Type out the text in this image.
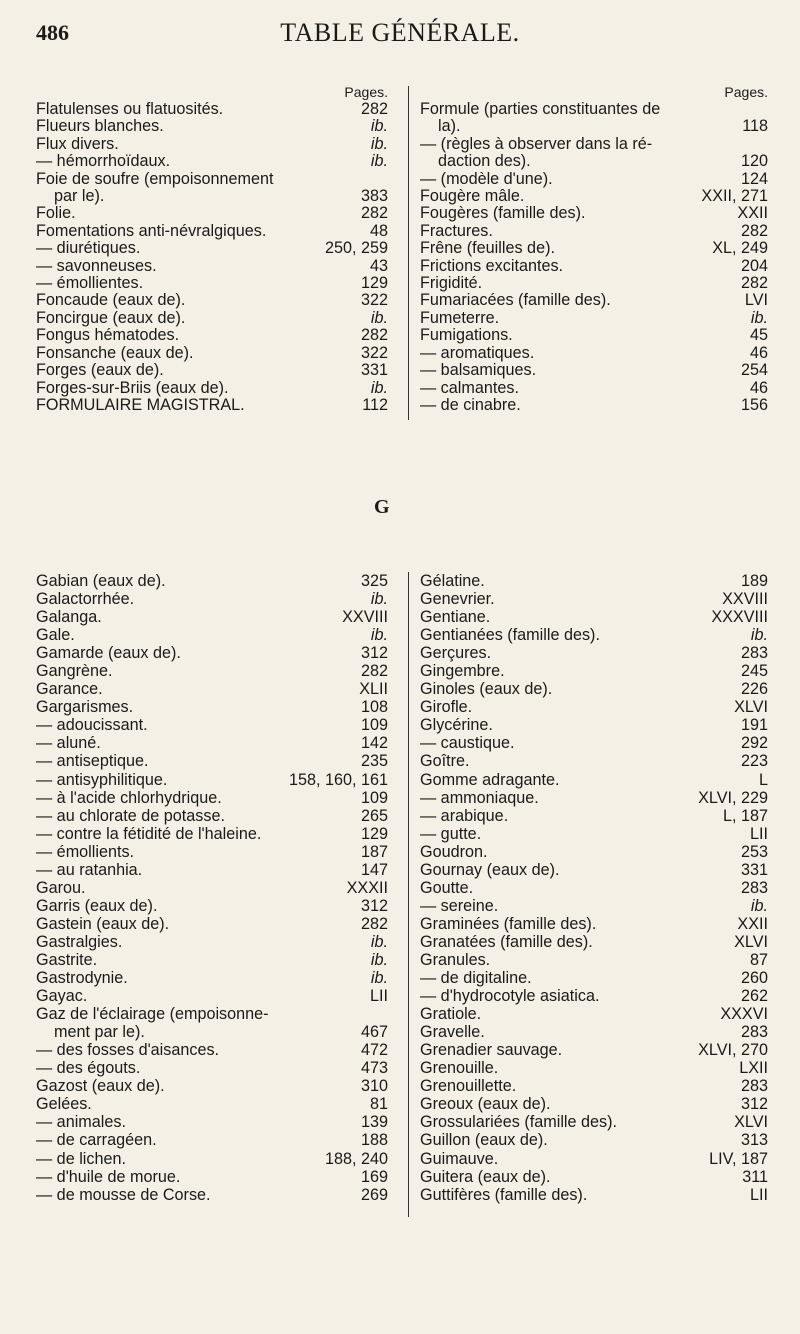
486	TABLE GÉNÉRALE.
Pages.
Flatulenses ou flatuosités.	282
Flueurs blanches.	ib.
Flux divers.	ib.
— hémorrhoïdaux.	ib.
Foie de soufre (empoisonnement
par le).	383
Folie.	282
Fomentations anti-névralgiques.	48
— diurétiques.	250, 259
— savonneuses.	43
— émollientes.	129
Foncaude (eaux de).	322
Foncirgue (eaux de).	ib.
Fongus hématodes.	282
Fonsanche (eaux de).	322
Forges (eaux de).	331
Forges-sur-Briis (eaux de).	ib.
FORMULAIRE MAGISTRAL.	112
Pages.
Formule (parties constituantes de
la).	118
— (règles à observer dans la ré-
daction des).	120
— (modèle d'une).	124
Fougère mâle.	XXII, 271
Fougères (famille des).	XXII
Fractures.	282
Frêne (feuilles de).	XL, 249
Frictions excitantes.	204
Frigidité.	282
Fumariacées (famille des).	LVI
Fumeterre.	ib.
Fumigations.	45
— aromatiques.	46
— balsamiques.	254
— calmantes.	46
— de cinabre.	156
G
Gabian (eaux de).	325
Galactorrhée.	ib.
Galanga.	XXVIII
Gale.	ib.
Gamarde (eaux de).	312
Gangrène.	282
Garance.	XLII
Gargarismes.	108
— adoucissant.	109
— aluné.	142
— antiseptique.	235
— antisyphilitique.	158, 160, 161
— à l'acide chlorhydrique.	109
— au chlorate de potasse.	265
— contre la fétidité de l'haleine.	129
— émollients.	187
— au ratanhia.	147
Garou.	XXXII
Garris (eaux de).	312
Gastein (eaux de).	282
Gastralgies.	ib.
Gastrite.	ib.
Gastrodynie.	ib.
Gayac.	LII
Gaz de l'éclairage (empoisonne-
ment par le).	467
— des fosses d'aisances.	472
— des égouts.	473
Gazost (eaux de).	310
Gelées.	81
— animales.	139
— de carragéen.	188
— de lichen.	188, 240
— d'huile de morue.	169
— de mousse de Corse.	269
Gélatine.	189
Genevrier.	XXVIII
Gentiane.	XXXVIII
Gentianées (famille des).	ib.
Gerçures.	283
Gingembre.	245
Ginoles (eaux de).	226
Girofle.	XLVI
Glycérine.	191
— caustique.	292
Goître.	223
Gomme adragante.	L
— ammoniaque.	XLVI, 229
— arabique.	L, 187
— gutte.	LII
Goudron.	253
Gournay (eaux de).	331
Goutte.	283
— sereine.	ib.
Graminées (famille des).	XXII
Granatées (famille des).	XLVI
Granules.	87
— de digitaline.	260
— d'hydrocotyle asiatica.	262
Gratiole.	XXXVI
Gravelle.	283
Grenadier sauvage.	XLVI, 270
Grenouille.	LXII
Grenouillette.	283
Greoux (eaux de).	312
Grossulariées (famille des).	XLVI
Guillon (eaux de).	313
Guimauve.	LIV, 187
Guitera (eaux de).	311
Guttifères (famille des).	LII
